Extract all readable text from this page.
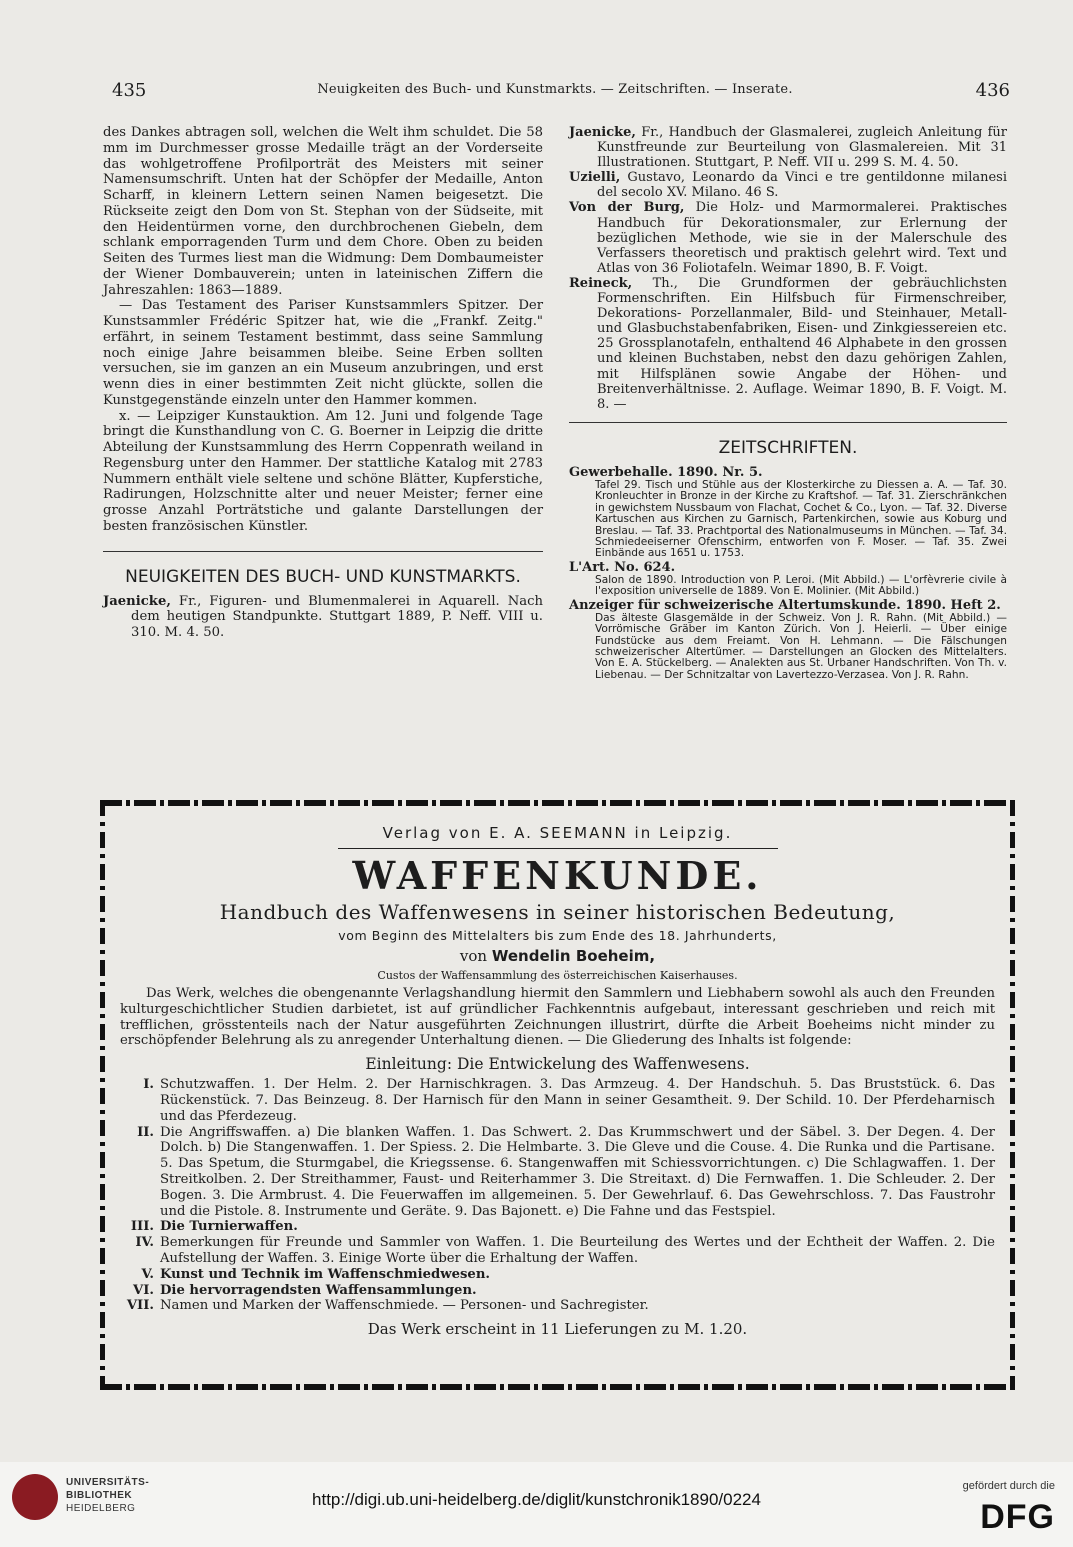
435	Neuigkeiten des Buch- und Kunstmarkts. — Zeitschriften. — Inserate.	436

des Dankes abtragen soll, welchen die Welt ihm schuldet. Die 58 mm im Durchmesser grosse Medaille trägt an der Vorderseite das wohlgetroffene Profilporträt des Meisters mit seiner Namensumschrift. Unten hat der Schöpfer der Medaille, Anton Scharff, in kleinern Lettern seinen Namen beigesetzt. Die Rückseite zeigt den Dom von St. Stephan von der Südseite, mit den Heidentürmen vorne, den durchbrochenen Giebeln, dem schlank emporragenden Turm und dem Chore. Oben zu beiden Seiten des Turmes liest man die Widmung: Dem Dombaumeister der Wiener Dombauverein; unten in lateinischen Ziffern die Jahreszahlen: 1863—1889.

— Das Testament des Pariser Kunstsammlers Spitzer. Der Kunstsammler Frédéric Spitzer hat, wie die „Frankf. Zeitg." erfährt, in seinem Testament bestimmt, dass seine Sammlung noch einige Jahre beisammen bleibe. Seine Erben sollten versuchen, sie im ganzen an ein Museum anzubringen, und erst wenn dies in einer bestimmten Zeit nicht glückte, sollen die Kunstgegenstände einzeln unter den Hammer kommen.

x. — Leipziger Kunstauktion. Am 12. Juni und folgende Tage bringt die Kunsthandlung von C. G. Boerner in Leipzig die dritte Abteilung der Kunstsammlung des Herrn Coppenrath weiland in Regensburg unter den Hammer. Der stattliche Katalog mit 2783 Nummern enthält viele seltene und schöne Blätter, Kupferstiche, Radirungen, Holzschnitte alter und neuer Meister; ferner eine grosse Anzahl Porträtstiche und galante Darstellungen der besten französischen Künstler.

NEUIGKEITEN DES BUCH- UND KUNSTMARKTS.

Jaenicke, Fr., Figuren- und Blumenmalerei in Aquarell. Nach dem heutigen Standpunkte. Stuttgart 1889, P. Neff. VIII u. 310. M. 4. 50.

Jaenicke, Fr., Handbuch der Glasmalerei, zugleich Anleitung für Kunstfreunde zur Beurteilung von Glasmalereien. Mit 31 Illustrationen. Stuttgart, P. Neff. VII u. 299 S. M. 4. 50.

Uzielli, Gustavo, Leonardo da Vinci e tre gentildonne milanesi del secolo XV. Milano. 46 S.

Von der Burg, Die Holz- und Marmormalerei. Praktisches Handbuch für Dekorationsmaler, zur Erlernung der bezüglichen Methode, wie sie in der Malerschule des Verfassers theoretisch und praktisch gelehrt wird. Text und Atlas von 36 Foliotafeln. Weimar 1890, B. F. Voigt.

Reineck, Th., Die Grundformen der gebräuchlichsten Formenschriften. Ein Hilfsbuch für Firmenschreiber, Dekorations- Porzellanmaler, Bild- und Steinhauer, Metall- und Glasbuchstabenfabriken, Eisen- und Zinkgiessereien etc. 25 Grossplanotafeln, enthaltend 46 Alphabete in den grossen und kleinen Buchstaben, nebst den dazu gehörigen Zahlen, mit Hilfsplänen sowie Angabe der Höhen- und Breitenverhältnisse. 2. Auflage. Weimar 1890, B. F. Voigt. M. 8. —

ZEITSCHRIFTEN.

Gewerbehalle. 1890. Nr. 5.

Tafel 29. Tisch und Stühle aus der Klosterkirche zu Diessen a. A. — Taf. 30. Kronleuchter in Bronze in der Kirche zu Kraftshof. — Taf. 31. Zierschränkchen in gewichstem Nussbaum von Flachat, Cochet & Co., Lyon. — Taf. 32. Diverse Kartuschen aus Kirchen zu Garnisch, Partenkirchen, sowie aus Koburg und Breslau. — Taf. 33. Prachtportal des Nationalmuseums in München. — Taf. 34. Schmiedeeiserner Ofenschirm, entworfen von F. Moser. — Taf. 35. Zwei Einbände aus 1651 u. 1753.

L'Art. No. 624.

Salon de 1890. Introduction von P. Leroi. (Mit Abbild.) — L'orfèvrerie civile à l'exposition universelle de 1889. Von E. Molinier. (Mit Abbild.)

Anzeiger für schweizerische Altertumskunde. 1890. Heft 2.

Das älteste Glasgemälde in der Schweiz. Von J. R. Rahn. (Mit Abbild.) — Vorrömische Gräber im Kanton Zürich. Von J. Heierli. — Über einige Fundstücke aus dem Freiamt. Von H. Lehmann. — Die Fälschungen schweizerischer Altertümer. — Darstellungen an Glocken des Mittelalters. Von E. A. Stückelberg. — Analekten aus St. Urbaner Handschriften. Von Th. v. Liebenau. — Der Schnitzaltar von Lavertezzo-Verzasea. Von J. R. Rahn.

Verlag von E. A. SEEMANN in Leipzig.
WAFFENKUNDE.
Handbuch des Waffenwesens in seiner historischen Bedeutung,
vom Beginn des Mittelalters bis zum Ende des 18. Jahrhunderts,
von Wendelin Boeheim,
Custos der Waffensammlung des österreichischen Kaiserhauses.

Das Werk, welches die obengenannte Verlagshandlung hiermit den Sammlern und Liebhabern sowohl als auch den Freunden kulturgeschichtlicher Studien darbietet, ist auf gründlicher Fachkenntnis aufgebaut, interessant geschrieben und reich mit trefflichen, grösstenteils nach der Natur ausgeführten Zeichnungen illustrirt, dürfte die Arbeit Boeheims nicht minder zu erschöpfender Belehrung als zu anregender Unterhaltung dienen. — Die Gliederung des Inhalts ist folgende:

Einleitung: Die Entwickelung des Waffenwesens.
I. Schutzwaffen. 1. Der Helm. 2. Der Harnischkragen. 3. Das Armzeug. 4. Der Handschuh. 5. Das Bruststück. 6. Das Rückenstück. 7. Das Beinzeug. 8. Der Harnisch für den Mann in seiner Gesamtheit. 9. Der Schild. 10. Der Pferdeharnisch und das Pferdezeug.
II. Die Angriffswaffen. a) Die blanken Waffen. 1. Das Schwert. 2. Das Krummschwert und der Säbel. 3. Der Degen. 4. Der Dolch. b) Die Stangenwaffen. 1. Der Spiess. 2. Die Helmbarte. 3. Die Gleve und die Couse. 4. Die Runka und die Partisane. 5. Das Spetum, die Sturmgabel, die Kriegssense. 6. Stangenwaffen mit Schiessvorrichtungen. c) Die Schlagwaffen. 1. Der Streitkolben. 2. Der Streithammer, Faust- und Reiterhammer 3. Die Streitaxt. d) Die Fernwaffen. 1. Die Schleuder. 2. Der Bogen. 3. Die Armbrust. 4. Die Feuerwaffen im allgemeinen. 5. Der Gewehrlauf. 6. Das Gewehrschloss. 7. Das Faustrohr und die Pistole. 8. Instrumente und Geräte. 9. Das Bajonett. e) Die Fahne und das Festspiel.
III. Die Turnierwaffen.
IV. Bemerkungen für Freunde und Sammler von Waffen. 1. Die Beurteilung des Wertes und der Echtheit der Waffen. 2. Die Aufstellung der Waffen. 3. Einige Worte über die Erhaltung der Waffen.
V. Kunst und Technik im Waffenschmiedwesen.
VI. Die hervorragendsten Waffensammlungen.
VII. Namen und Marken der Waffenschmiede. — Personen- und Sachregister.
Das Werk erscheint in 11 Lieferungen zu M. 1.20.
UNIVERSITÄTS-
BIBLIOTHEK
HEIDELBERG	http://digi.ub.uni-heidelberg.de/diglit/kunstchronik1890/0224
gefördert durch die
DFG
